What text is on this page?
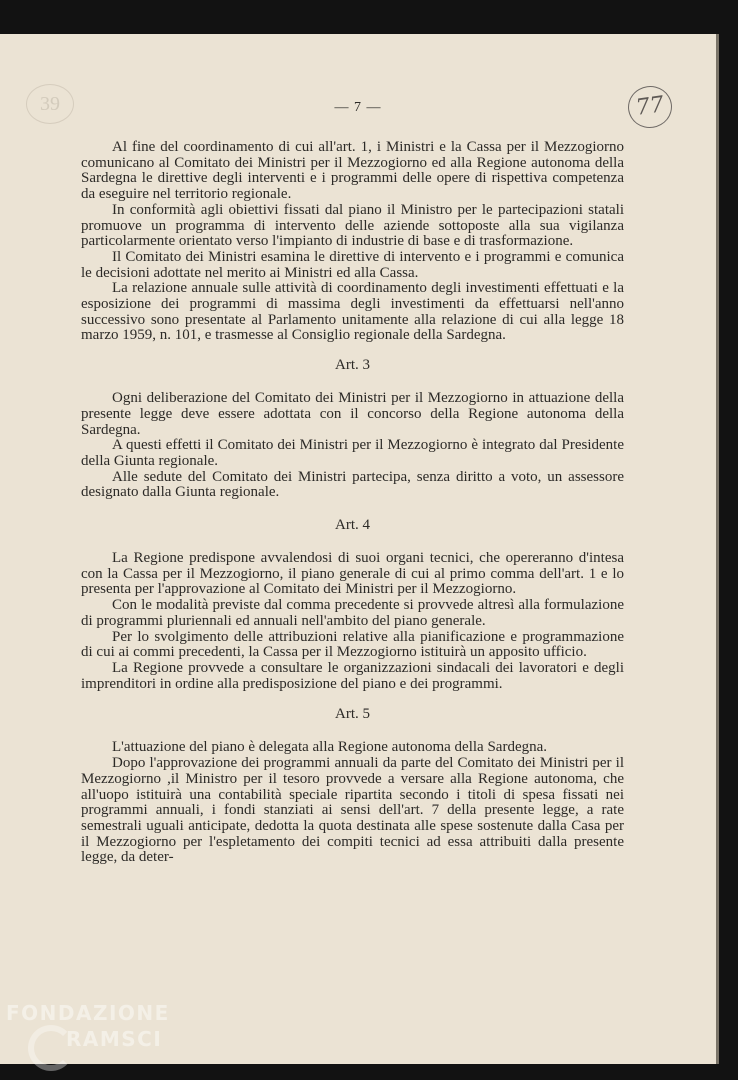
39	77
— 7 —

Al fine del coordinamento di cui all'art. 1, i Ministri e la Cassa per il Mezzogiorno comunicano al Comitato dei Ministri per il Mezzogiorno ed alla Regione autonoma della Sardegna le direttive degli interventi e i programmi delle opere di rispettiva competenza da eseguire nel territorio regionale.

In conformità agli obiettivi fissati dal piano il Ministro per le partecipazioni statali promuove un programma di intervento delle aziende sottoposte alla sua vigilanza particolarmente orientato verso l'impianto di industrie di base e di trasformazione.

Il Comitato dei Ministri esamina le direttive di intervento e i programmi e comunica le decisioni adottate nel merito ai Ministri ed alla Cassa.

La relazione annuale sulle attività di coordinamento degli investimenti effettuati e la esposizione dei programmi di massima degli investimenti da effettuarsi nell'anno successivo sono presentate al Parlamento unitamente alla relazione di cui alla legge 18 marzo 1959, n. 101, e trasmesse al Consiglio regionale della Sardegna.

Art. 3

Ogni deliberazione del Comitato dei Ministri per il Mezzogiorno in attuazione della presente legge deve essere adottata con il concorso della Regione autonoma della Sardegna.

A questi effetti il Comitato dei Ministri per il Mezzogiorno è integrato dal Presidente della Giunta regionale.

Alle sedute del Comitato dei Ministri partecipa, senza diritto a voto, un assessore designato dalla Giunta regionale.

Art. 4

La Regione predispone avvalendosi di suoi organi tecnici, che opereranno d'intesa con la Cassa per il Mezzogiorno, il piano generale di cui al primo comma dell'art. 1 e lo presenta per l'approvazione al Comitato dei Ministri per il Mezzogiorno.

Con le modalità previste dal comma precedente si provvede altresì alla formulazione di programmi pluriennali ed annuali nell'ambito del piano generale.

Per lo svolgimento delle attribuzioni relative alla pianificazione e programmazione di cui ai commi precedenti, la Cassa per il Mezzogiorno istituirà un apposito ufficio.

La Regione provvede a consultare le organizzazioni sindacali dei lavoratori e degli imprenditori in ordine alla predisposizione del piano e dei programmi.

Art. 5

L'attuazione del piano è delegata alla Regione autonoma della Sardegna.

Dopo l'approvazione dei programmi annuali da parte del Comitato dei Ministri per il Mezzogiorno ,il Ministro per il tesoro provvede a versare alla Regione autonoma, che all'uopo istituirà una contabilità speciale ripartita secondo i titoli di spesa fissati nei programmi annuali, i fondi stanziati ai sensi dell'art. 7 della presente legge, a rate semestrali uguali anticipate, dedotta la quota destinata alle spese sostenute dalla Casa per il Mezzogiorno per l'espletamento dei compiti tecnici ad essa attribuiti dalla presente legge, da deter-

FONDAZIONE
RAMSCI
